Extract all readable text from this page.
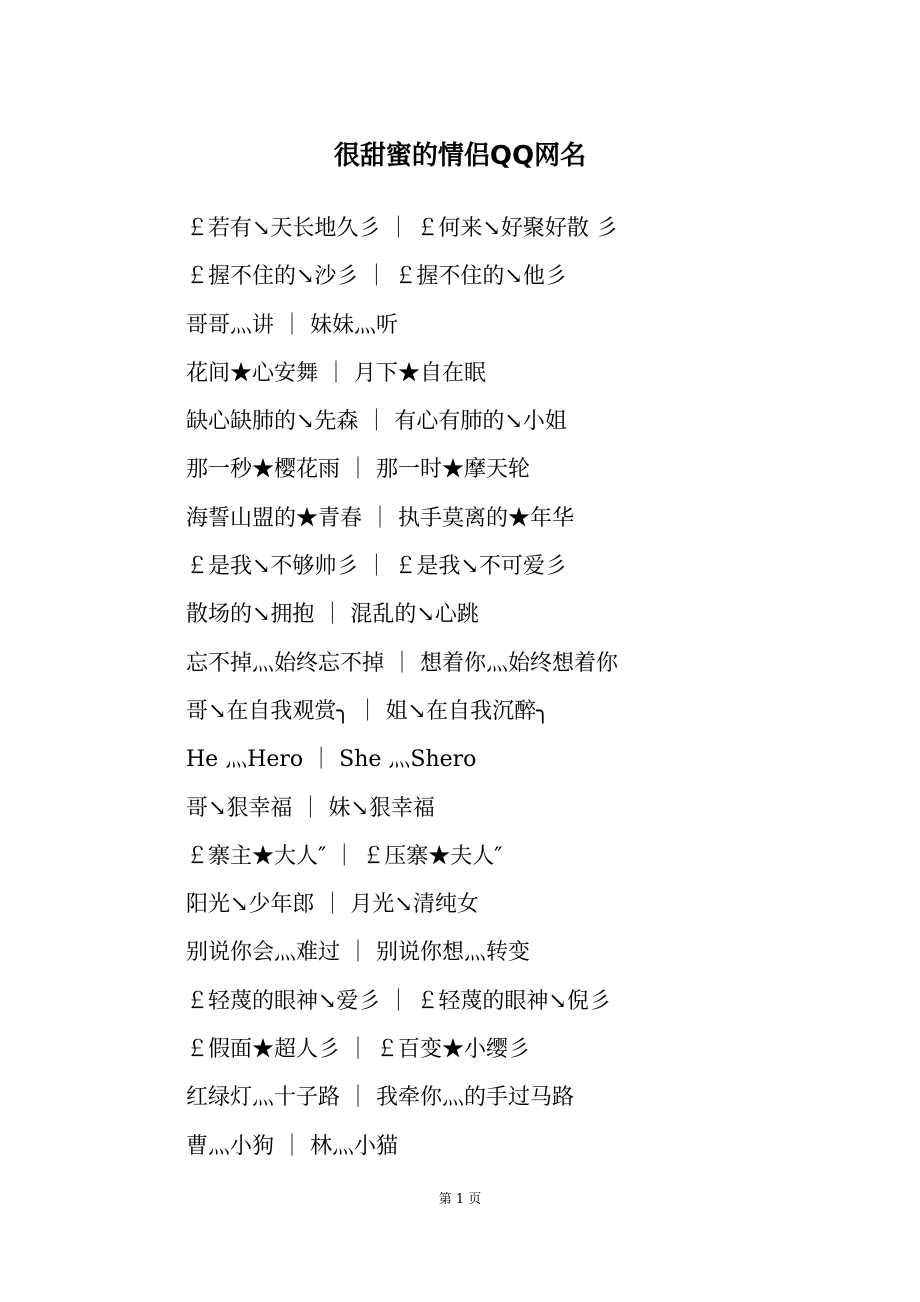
很甜蜜的情侣QQ网名
￡若有↘天长地久彡 ｜ ￡何来↘好聚好散 彡
￡握不住的↘沙彡 ｜ ￡握不住的↘他彡
哥哥灬讲 ｜ 妹妹灬听
花间★心安舞 ｜ 月下★自在眠
缺心缺肺的↘先森 ｜ 有心有肺的↘小姐
那一秒★樱花雨 ｜ 那一时★摩天轮
海誓山盟的★青春 ｜ 执手莫离的★年华
￡是我↘不够帅彡 ｜ ￡是我↘不可爱彡
散场的↘拥抱 ｜ 混乱的↘心跳
忘不掉灬始终忘不掉 ｜ 想着你灬始终想着你
哥↘在自我观赏╮ ｜ 姐↘在自我沉醉╮
He 灬Hero ｜ She 灬Shero
哥↘狠幸福 ｜ 妹↘狠幸福
￡寨主★大人″ ｜ ￡压寨★夫人″
阳光↘少年郎 ｜ 月光↘清纯女
别说你会灬难过 ｜ 别说你想灬转变
￡轻蔑的眼神↘爱彡 ｜ ￡轻蔑的眼神↘倪彡
￡假面★超人彡 ｜ ￡百变★小缨彡
红绿灯灬十子路 ｜ 我牵你灬的手过马路
曹灬小狗 ｜ 林灬小猫
第 1 页
